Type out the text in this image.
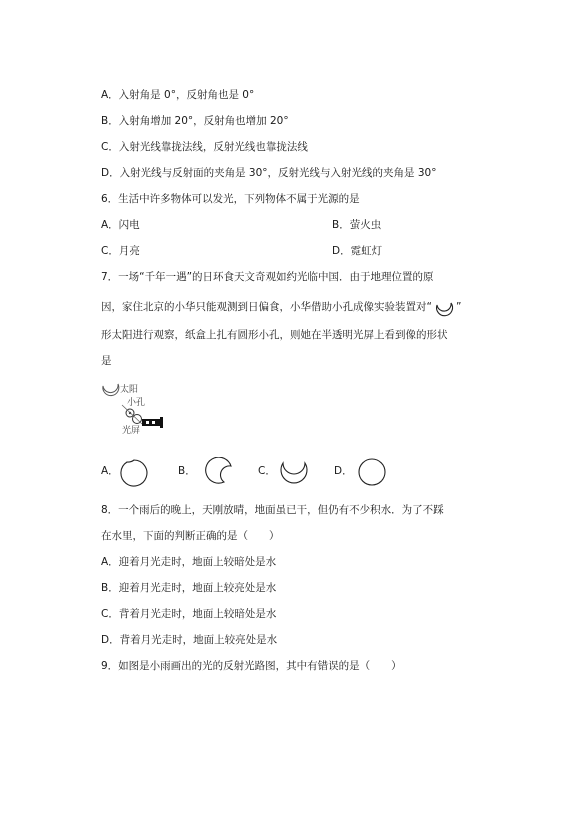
A．入射角是 0°，反射角也是 0°
B．入射角增加 20°，反射角也增加 20°
C．入射光线靠拢法线，反射光线也靠拢法线
D．入射光线与反射面的夹角是 30°，反射光线与入射光线的夹角是 30°
6．生活中许多物体可以发光，下列物体不属于光源的是
A．闪电	B．萤火虫
C．月亮	D．霓虹灯
7．一场“千年一遇”的日环食天文奇观如约光临中国．由于地理位置的原
因，家住北京的小华只能观测到日偏食，小华借助小孔成像实验装置对“ ”
形太阳进行观察，纸盒上扎有圆形小孔，则她在半透明光屏上看到像的形状
是
太阳
小孔
光屏
A．	B．	C．	D．
8．一个雨后的晚上，天刚放晴，地面虽已干，但仍有不少积水．为了不踩
在水里，下面的判断正确的是（　　）
A．迎着月光走时，地面上较暗处是水
B．迎着月光走时，地面上较亮处是水
C．背着月光走时，地面上较暗处是水
D．背着月光走时，地面上较亮处是水
9．如图是小雨画出的光的反射光路图，其中有错误的是（　　）
